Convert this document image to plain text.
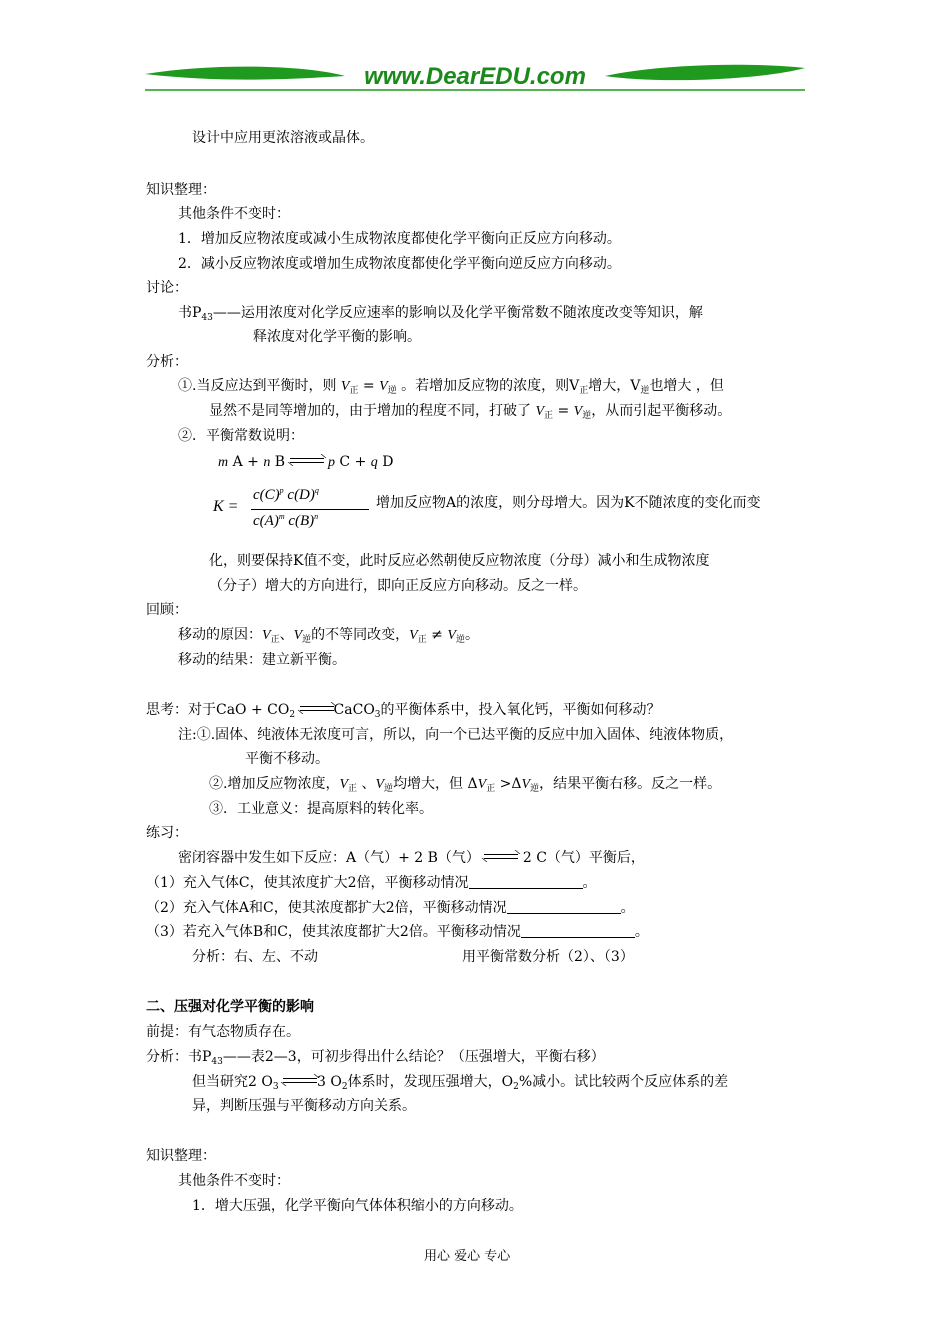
www.DearEDU.com
设计中应用更浓溶液或晶体。
知识整理：
其他条件不变时：
1．增加反应物浓度或减小生成物浓度都使化学平衡向正反应方向移动。
2．减小反应物浓度或增加生成物浓度都使化学平衡向逆反应方向移动。
讨论：
书$P_{43}——$运用浓度对化学反应速率的影响以及化学平衡常数不随浓度改变等知识，解
释浓度对化学平衡的影响。
分析：
①.当反应达到平衡时，则 $V_正 = V_逆$ 。若增加反应物的浓度，则$V_正$增大，$V_逆$也增大 ，但
显然不是同等增加的，由于增加的程度不同，打破了 $V_正 = V_逆$，从而引起平衡移动。
②．平衡常数说明：
m A + n B	p C + q D
K =
$c(C)^p$ $c(D)^q$
$c(A)^m$ $c(B)^n$
增加反应物A的浓度，则分母增大。因为K不随浓度的变化而变
化，则要保持K值不变，此时反应必然朝使反应物浓度（分母）减小和生成物浓度
（分子）增大的方向进行，即向正反应方向移动。反之一样。
回顾：
移动的原因：$V_正$、$V_逆$的不等同改变，$V_正 \ne V_逆$。
移动的结果：建立新平衡。
思考：对于CaO + $CO_2$	CaCO$_3$的平衡体系中，投入氧化钙，平衡如何移动？
注:①.固体、纯液体无浓度可言，所以，向一个已达平衡的反应中加入固体、纯液体物质，
平衡不移动。
②.增加反应物浓度，$V_正$ 、$V_逆$均增大，但 $\Delta V_正 >\Delta V_逆$，结果平衡右移。反之一样。
③．工业意义：提高原料的转化率。
练习：
密闭容器中发生如下反应：A（气）+ 2 B（气）	2 C（气）平衡后，
（1）充入气体C，使其浓度扩大2倍，平衡移动情况	。
（2）充入气体A和C，使其浓度都扩大2倍，平衡移动情况	。
（3）若充入气体B和C，使其浓度都扩大2倍。平衡移动情况	。
分析：右、左、不动	用平衡常数分析（2）、（3）
二、压强对化学平衡的影响
前提：有气态物质存在。
分析：书$P_{43}——$表2—3，可初步得出什么结论？（压强增大，平衡右移）
但当研究2 $O_3$	3 $O_2$体系时，发现压强增大，$O_2\%$减小。试比较两个反应体系的差
异，判断压强与平衡移动方向关系。
知识整理：
其他条件不变时：
1．增大压强，化学平衡向气体体积缩小的方向移动。
用心 爱心 专心
